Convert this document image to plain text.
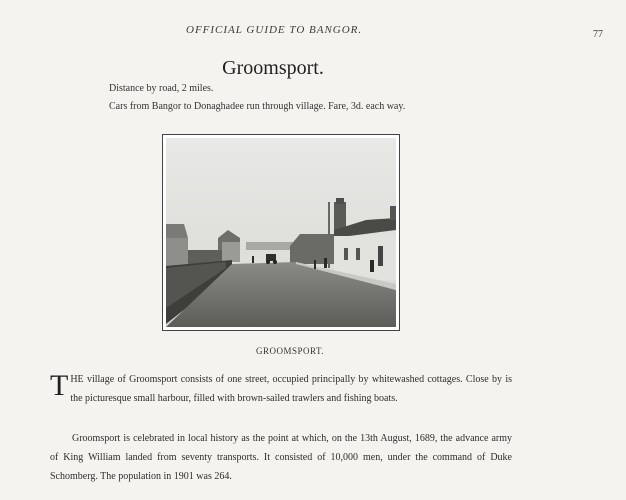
OFFICIAL GUIDE TO BANGOR.	77
Groomsport.
Distance by road, 2 miles.
Cars from Bangor to Donaghadee run through village. Fare, 3d. each way.
GROOMSPORT.

THE village of Groomsport consists of one street, occupied principally by whitewashed cottages. Close by is the picturesque small harbour, filled with brown-sailed trawlers and fishing boats.

Groomsport is celebrated in local history as the point at which, on the 13th August, 1689, the advance army of King William landed from seventy transports. It consisted of 10,000 men, under the command of Duke Schomberg. The population in 1901 was 264.
